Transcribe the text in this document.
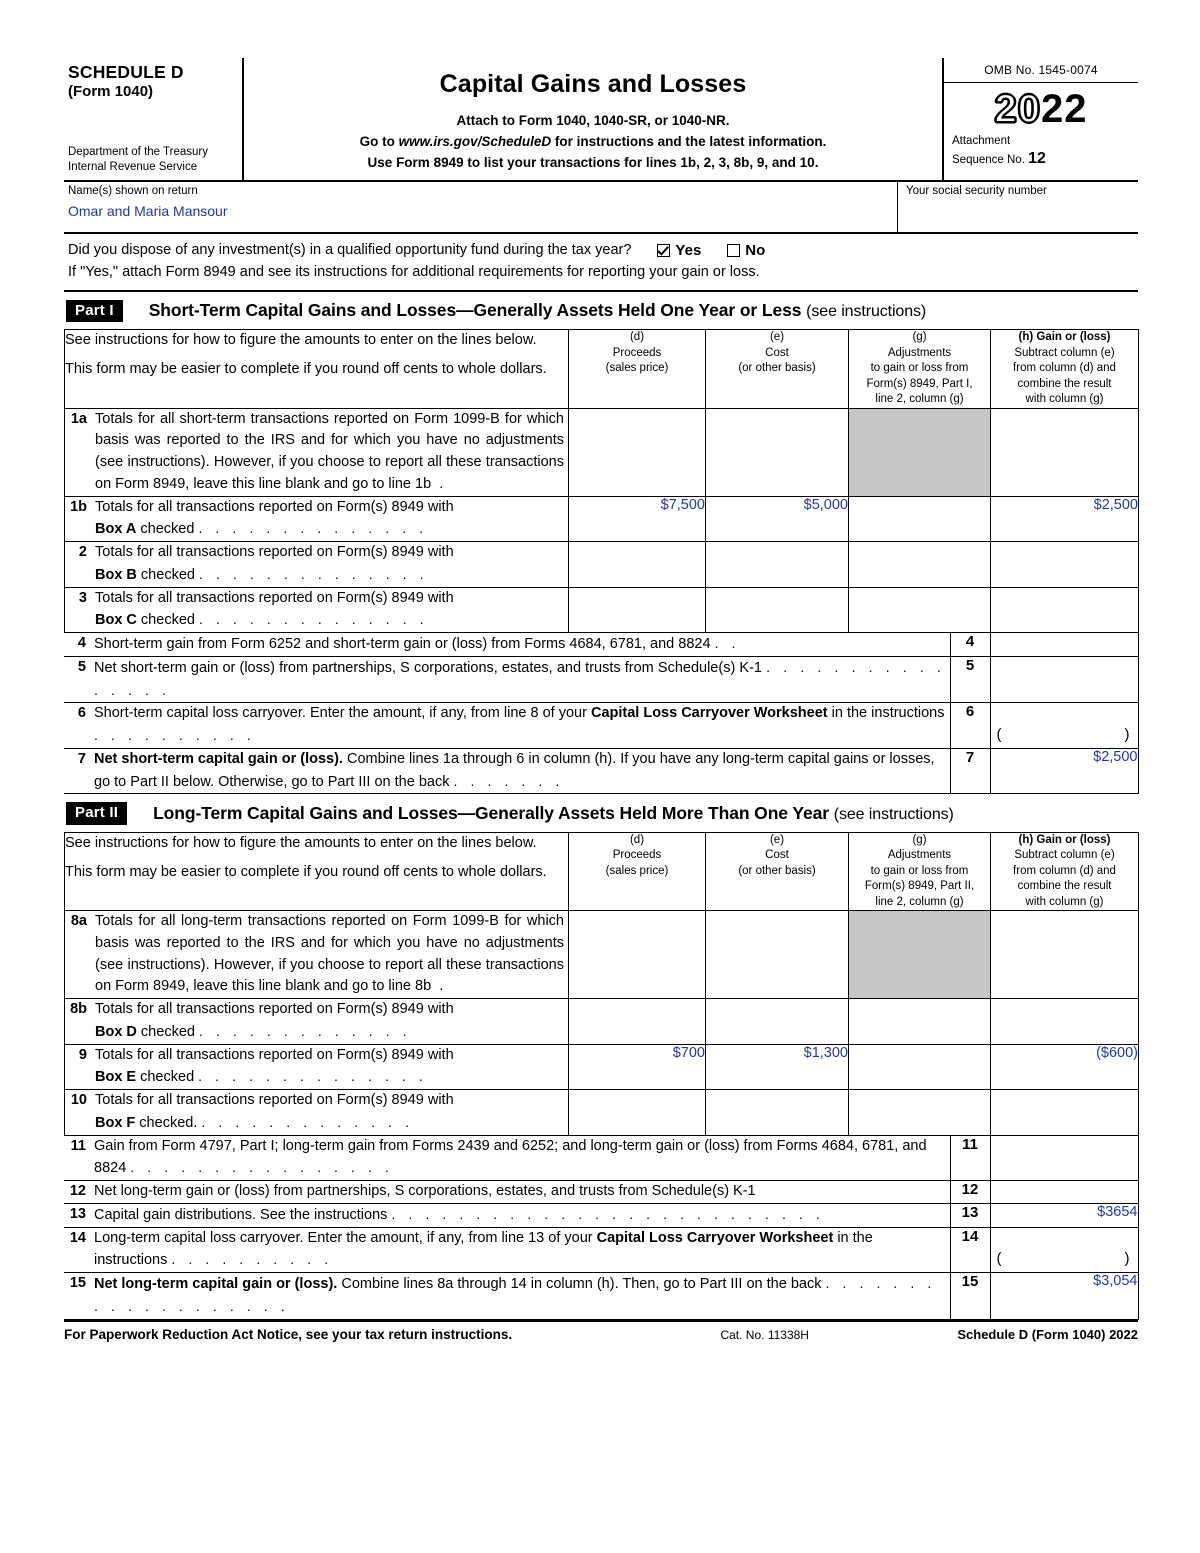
SCHEDULE D
(Form 1040)
Department of the Treasury
Internal Revenue Service
Capital Gains and Losses
Attach to Form 1040, 1040-SR, or 1040-NR.
Go to www.irs.gov/ScheduleD for instructions and the latest information.
Use Form 8949 to list your transactions for lines 1b, 2, 3, 8b, 9, and 10.
OMB No. 1545-0074
2022
Attachment
Sequence No. 12
Name(s) shown on return
Omar and Maria Mansour
Your social security number
Did you dispose of any investment(s) in a qualified opportunity fund during the tax year?	Yes	No
If "Yes," attach Form 8949 and see its instructions for additional requirements for reporting your gain or loss.
Part I	Short-Term Capital Gains and Losses—Generally Assets Held One Year or Less (see instructions)

See instructions for how to figure the amounts to enter on the lines below.

This form may be easier to complete if you round off cents to whole dollars.

(d)
Proceeds
(sales price)

(e)
Cost
(or other basis)

(g)
Adjustments
to gain or loss from
Form(s) 8949, Part I,
line 2, column (g)

(h) Gain or (loss)
Subtract column (e)
from column (d) and
combine the result
with column (g)

1a Totals for all short-term transactions reported on Form 1099-B for which basis was reported to the IRS and for which you have no adjustments (see instructions). However, if you choose to report all these transactions on Form 8949, leave this line blank and go to line 1b .				
1b Totals for all transactions reported on Form(s) 8949 with
Box A checked . . . . . . . . . . . . . .	$7,500	$5,000		$2,500
2 Totals for all transactions reported on Form(s) 8949 with
Box B checked . . . . . . . . . . . . . .				
3 Totals for all transactions reported on Form(s) 8949 with
Box C checked . . . . . . . . . . . . . .				
4 Short-term gain from Form 6252 and short-term gain or (loss) from Forms 4684, 6781, and 8824 . .	4	
5 Net short-term gain or (loss) from partnerships, S corporations, estates, and trusts from Schedule(s) K-1 . . . . . . . . . . . . . . . .	5	
6 Short-term capital loss carryover. Enter the amount, if any, from line 8 of your Capital Loss Carryover Worksheet in the instructions . . . . . . . . . .	6	( )

7 Net short-term capital gain or (loss). Combine lines 1a through 6 in column (h). If you have any long-term capital gains or losses, go to Part II below. Otherwise, go to Part III on the back . . . . . . .	7	$2,500
Part II	Long-Term Capital Gains and Losses—Generally Assets Held More Than One Year (see instructions)

See instructions for how to figure the amounts to enter on the lines below.

This form may be easier to complete if you round off cents to whole dollars.

(d)
Proceeds
(sales price)

(e)
Cost
(or other basis)

(g)
Adjustments
to gain or loss from
Form(s) 8949, Part II,
line 2, column (g)

(h) Gain or (loss)
Subtract column (e)
from column (d) and
combine the result
with column (g)

8a Totals for all long-term transactions reported on Form 1099-B for which basis was reported to the IRS and for which you have no adjustments (see instructions). However, if you choose to report all these transactions on Form 8949, leave this line blank and go to line 8b .				
8b Totals for all transactions reported on Form(s) 8949 with
Box D checked . . . . . . . . . . . . .				
9 Totals for all transactions reported on Form(s) 8949 with
Box E checked . . . . . . . . . . . . . .	$700	$1,300		($600)
10 Totals for all transactions reported on Form(s) 8949 with
Box F checked. . . . . . . . . . . . . .				
11 Gain from Form 4797, Part I; long-term gain from Forms 2439 and 6252; and long-term gain or (loss) from Forms 4684, 6781, and 8824 . . . . . . . . . . . . . . . .	11	
12 Net long-term gain or (loss) from partnerships, S corporations, estates, and trusts from Schedule(s) K-1	12	
13 Capital gain distributions. See the instructions . . . . . . . . . . . . . . . . . . . . . . . . . .	13	$3654
14 Long-term capital loss carryover. Enter the amount, if any, from line 13 of your Capital Loss Carryover Worksheet in the instructions . . . . . . . . . .	14	( )

15 Net long-term capital gain or (loss). Combine lines 8a through 14 in column (h). Then, go to Part III on the back . . . . . . . . . . . . . . . . . . .	15	$3,054
For Paperwork Reduction Act Notice, see your tax return instructions.	Cat. No. 11338H	Schedule D (Form 1040) 2022
